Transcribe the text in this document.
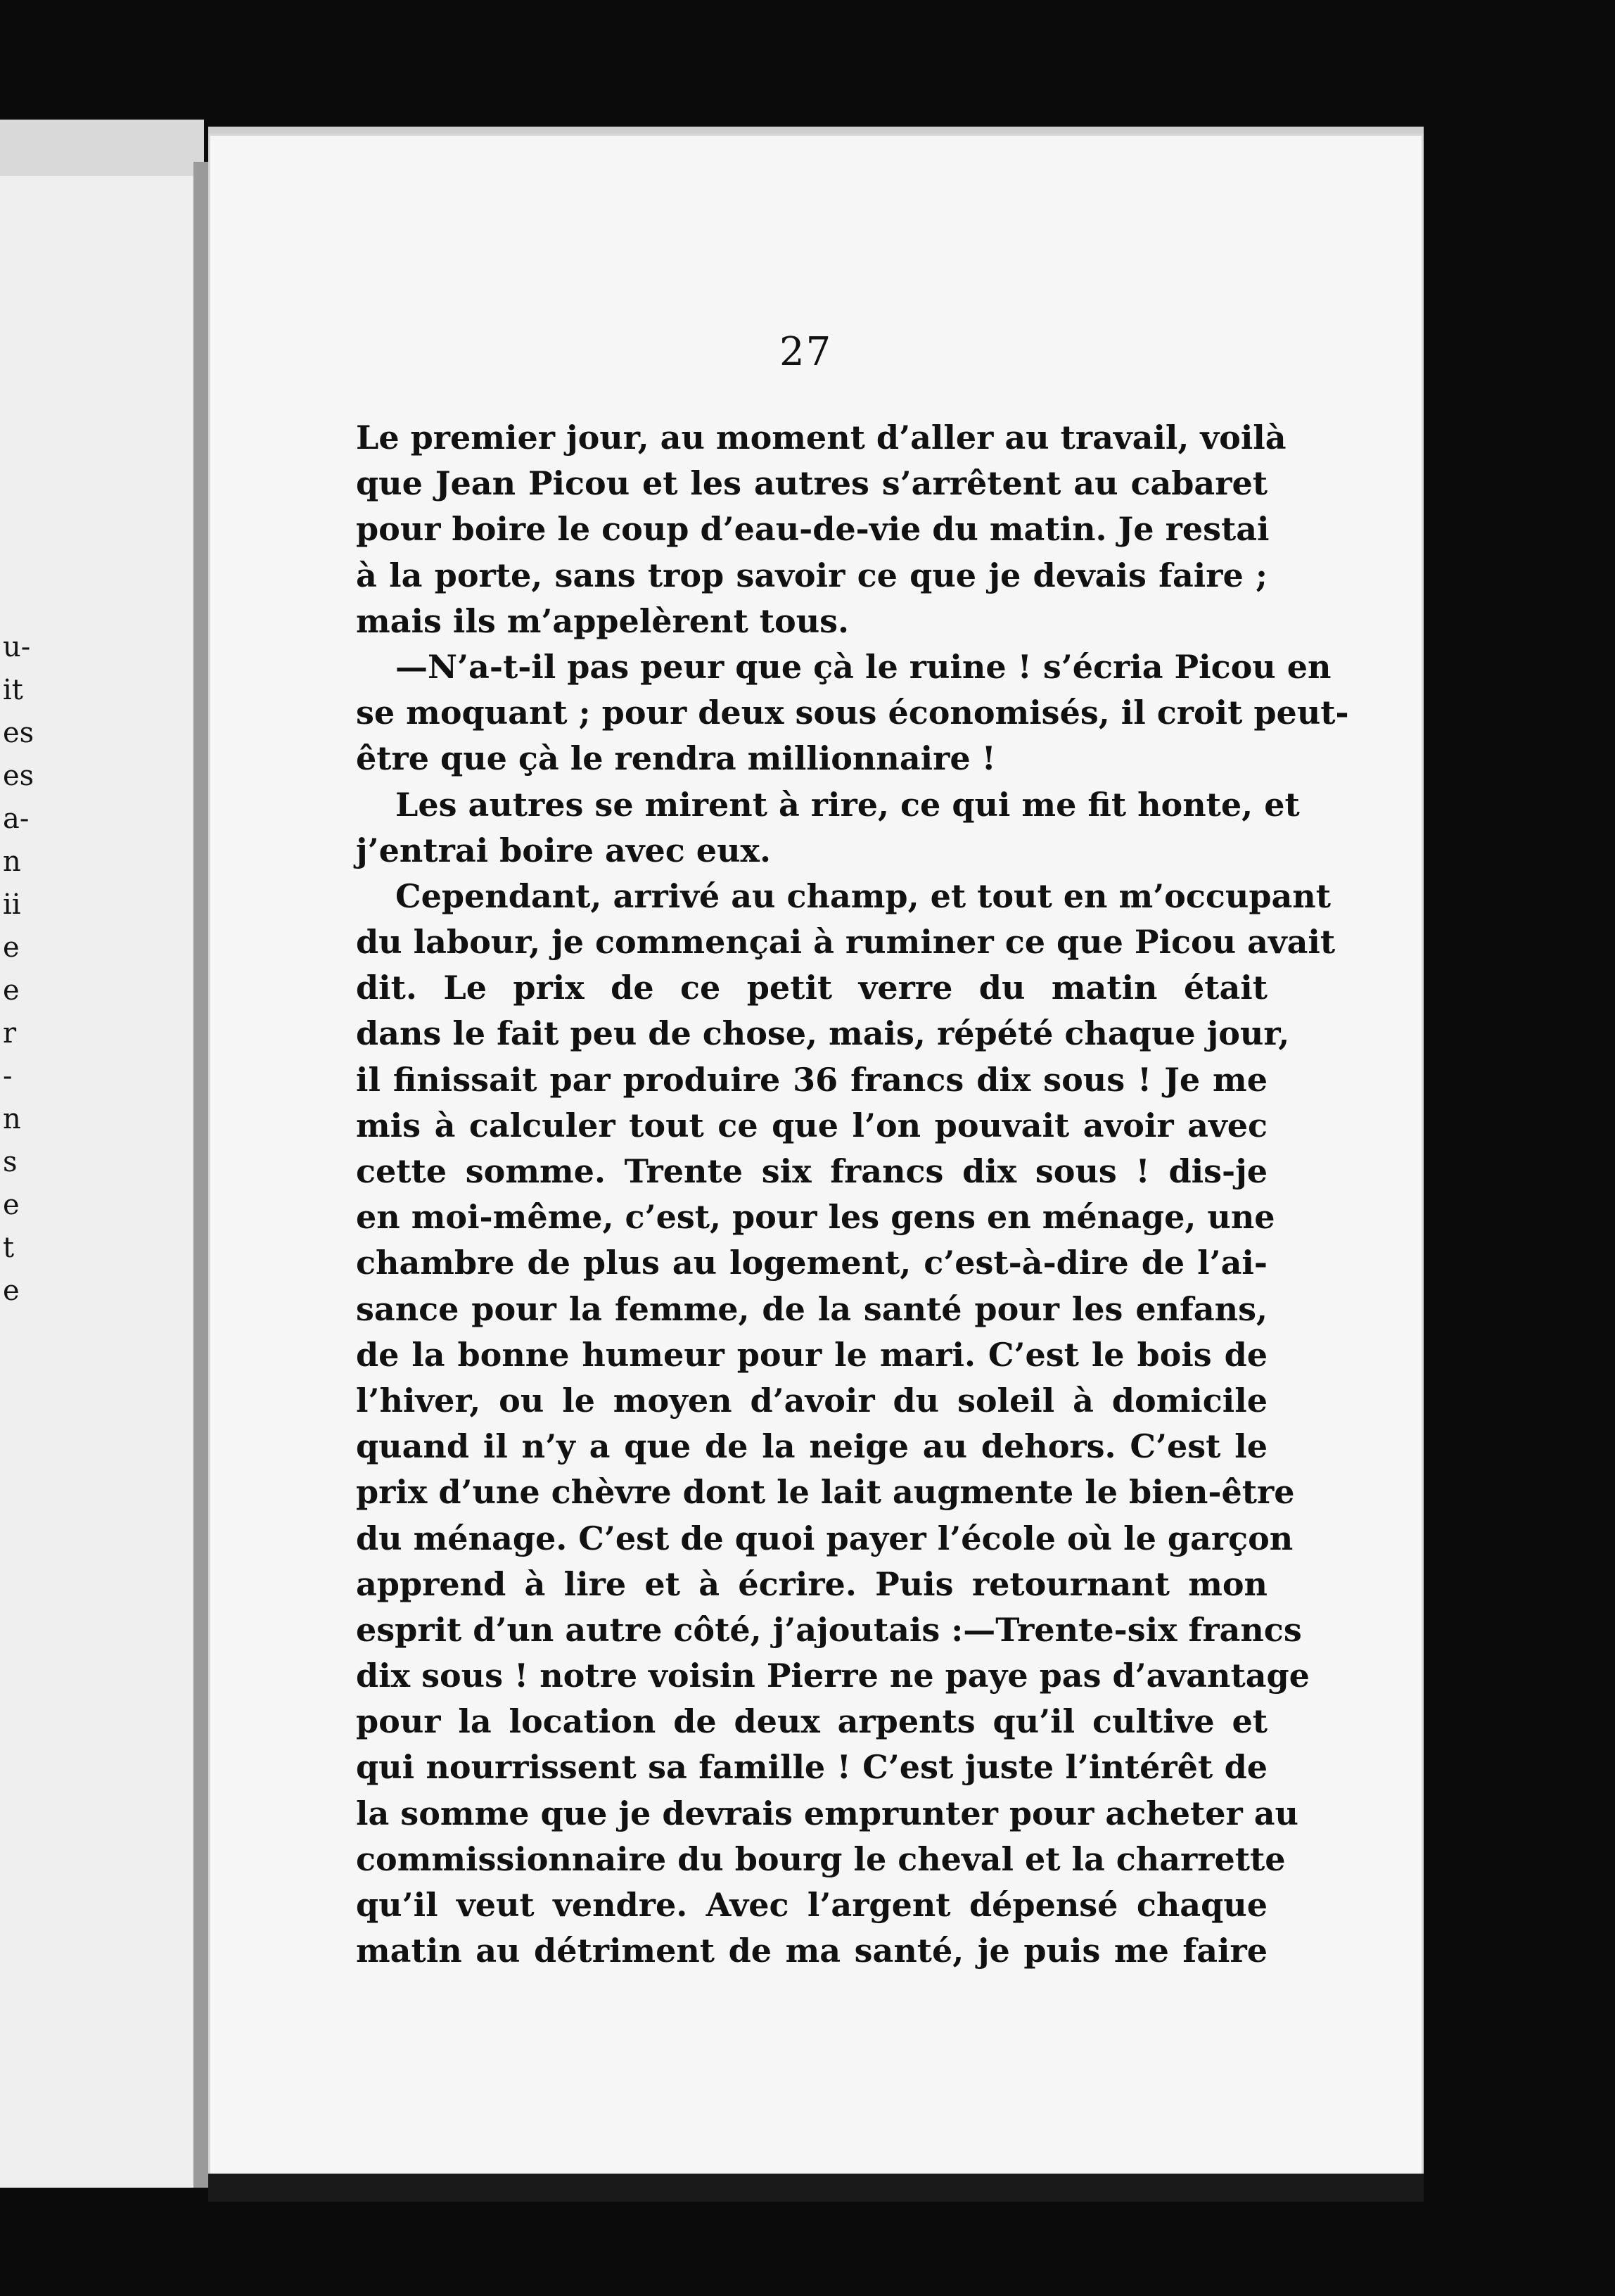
u-
it
es
es
a-
n
ii
e
e
r
-
n
s
e
t
e
27
Le premier jour, au moment d’aller au travail, voilà
que Jean Picou et les autres s’arrêtent au cabaret
pour boire le coup d’eau-de-vie du matin. Je restai
à la porte, sans trop savoir ce que je devais faire ;
mais ils m’appelèrent tous.
—N’a-t-il pas peur que çà le ruine ! s’écria Picou en
se moquant ; pour deux sous économisés, il croit peut-
être que çà le rendra millionnaire !
Les autres se mirent à rire, ce qui me fit honte, et
j’entrai boire avec eux.
Cependant, arrivé au champ, et tout en m’occupant
du labour, je commençai à ruminer ce que Picou avait
dit. Le prix de ce petit verre du matin était
dans le fait peu de chose, mais, répété chaque jour,
il finissait par produire 36 francs dix sous ! Je me
mis à calculer tout ce que l’on pouvait avoir avec
cette somme. Trente six francs dix sous ! dis-je
en moi-même, c’est, pour les gens en ménage, une
chambre de plus au logement, c’est-à-dire de l’ai-
sance pour la femme, de la santé pour les enfans,
de la bonne humeur pour le mari. C’est le bois de
l’hiver, ou le moyen d’avoir du soleil à domicile
quand il n’y a que de la neige au dehors. C’est le
prix d’une chèvre dont le lait augmente le bien-être
du ménage. C’est de quoi payer l’école où le garçon
apprend à lire et à écrire. Puis retournant mon
esprit d’un autre côté, j’ajoutais :—Trente-six francs
dix sous ! notre voisin Pierre ne paye pas d’avantage
pour la location de deux arpents qu’il cultive et
qui nourrissent sa famille ! C’est juste l’intérêt de
la somme que je devrais emprunter pour acheter au
commissionnaire du bourg le cheval et la charrette
qu’il veut vendre. Avec l’argent dépensé chaque
matin au détriment de ma santé, je puis me faire
